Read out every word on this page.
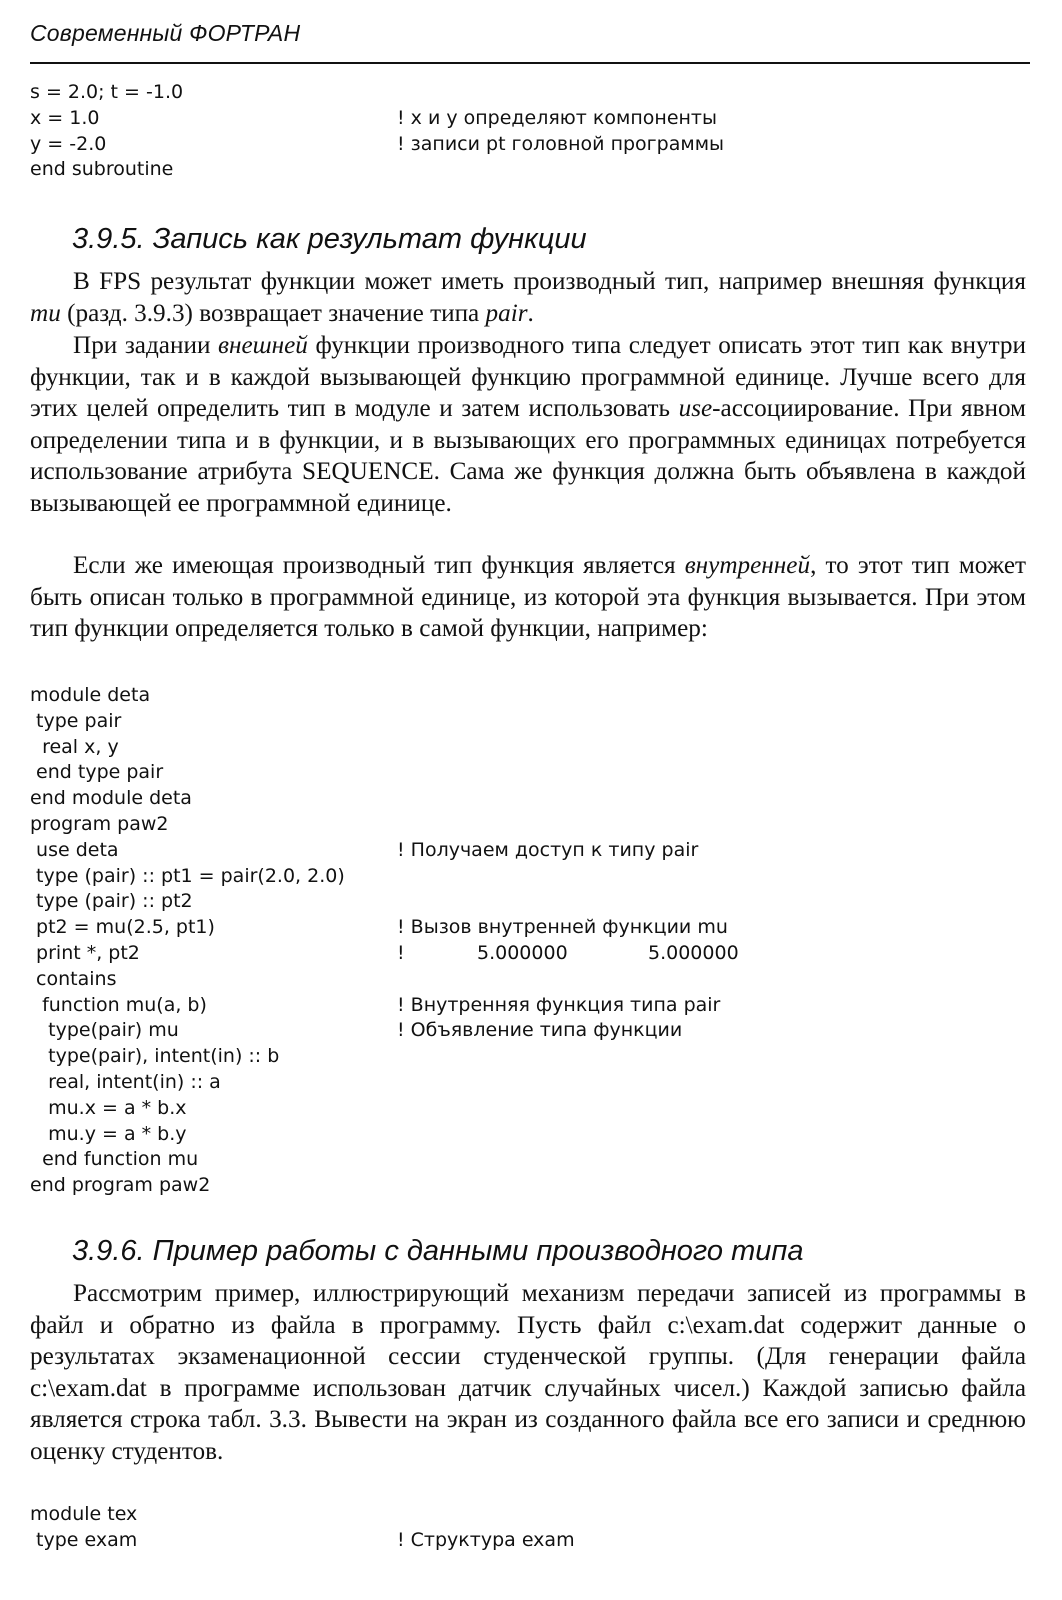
Современный ФОРТРАН
s = 2.0; t = -1.0
x = 1.0	! x и y определяют компоненты
y = -2.0	! записи pt головной программы
end subroutine
3.9.5. Запись как результат функции
В FPS результат функции может иметь производный тип, например внешняя функция mu (разд. 3.9.3) возвращает значение типа pair.
При задании внешней функции производного типа следует описать этот тип как внутри функции, так и в каждой вызывающей функцию программной единице. Лучше всего для этих целей определить тип в модуле и затем использовать use-ассоциирование. При явном определении типа и в функции, и в вызывающих его программных единицах потребуется использование атрибута SEQUENCE. Сама же функция должна быть объявлена в каждой вызывающей ее программной единице.
Если же имеющая производный тип функция является внутренней, то этот тип может быть описан только в программной единице, из которой эта функция вызывается. При этом тип функции определяется только в самой функции, например:
module deta
type pair
real x, y
end type pair
end module deta
program paw2
use deta	! Получаем доступ к типу pair
type (pair) :: pt1 = pair(2.0, 2.0)
type (pair) :: pt2
pt2 = mu(2.5, pt1)	! Вызов внутренней функции mu
print *, pt2	!	5.000000	5.000000
contains
function mu(a, b)	! Внутренняя функция типа pair
type(pair) mu	! Объявление типа функции
type(pair), intent(in) :: b
real, intent(in) :: a
mu.x = a * b.x
mu.y = a * b.y
end function mu
end program paw2
3.9.6. Пример работы с данными производного типа
Рассмотрим пример, иллюстрирующий механизм передачи записей из программы в файл и обратно из файла в программу. Пусть файл c:\exam.dat содержит данные о результатах экзаменационной сессии студенческой группы. (Для генерации файла c:\exam.dat в программе использован датчик случайных чисел.) Каждой записью файла является строка табл. 3.3. Вывести на экран из созданного файла все его записи и среднюю оценку студентов.
module tex
type exam	! Структура exam
